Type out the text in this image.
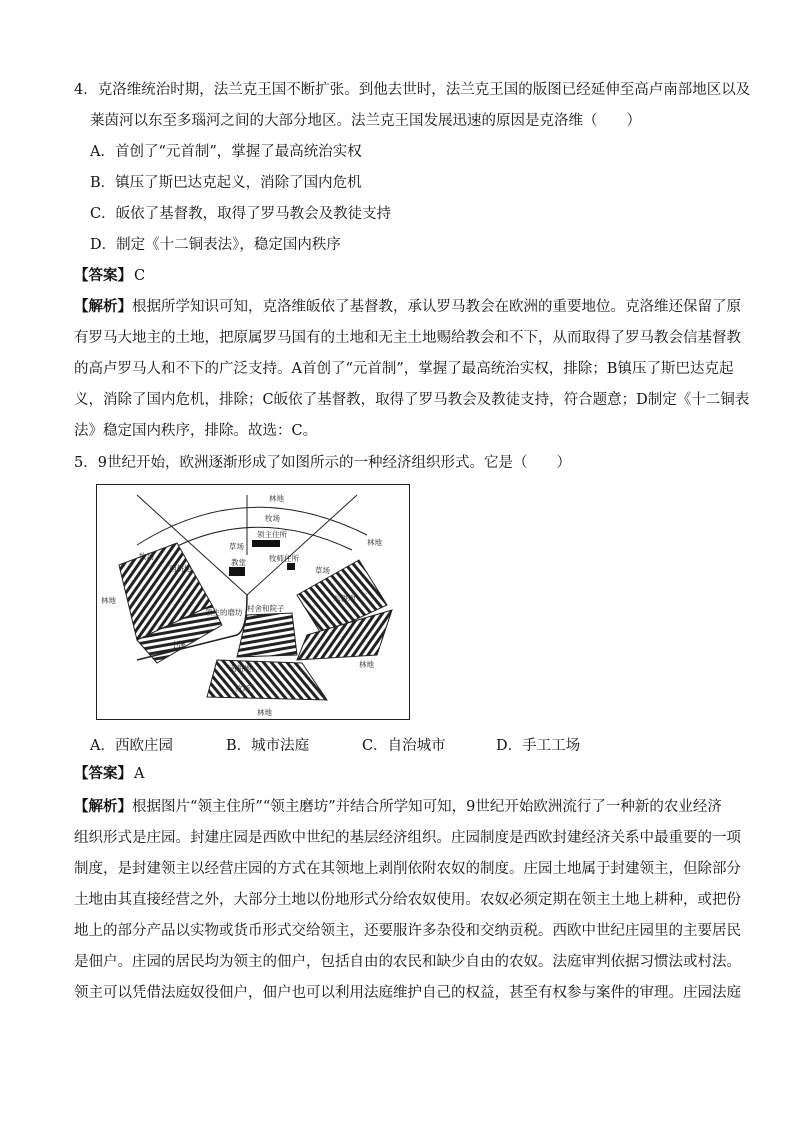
4．克洛维统治时期，法兰克王国不断扩张。到他去世时，法兰克王国的版图已经延伸至高卢南部地区以及
莱茵河以东至多瑙河之间的大部分地区。法兰克王国发展迅速的原因是克洛维（　　）
A．首创了“元首制”，掌握了最高统治实权
B．镇压了斯巴达克起义，消除了国内危机
C．皈依了基督教，取得了罗马教会及教徒支持
D．制定《十二铜表法》，稳定国内秩序
【答案】 C
【解析】根据所学知识可知，克洛维皈依了基督教，承认罗马教会在欧洲的重要地位。克洛维还保留了原
有罗马大地主的土地，把原属罗马国有的土地和无主土地赐给教会和不下，从而取得了罗马教会信基督教
的高卢罗马人和不下的广泛支持。A首创了“元首制”，掌握了最高统治实权，排除；B镇压了斯巴达克起
义，消除了国内危机，排除；C皈依了基督教，取得了罗马教会及教徒支持，符合题意；D制定《十二铜表
法》稳定国内秩序，排除。故选：C。
5．9世纪开始，欧洲逐渐形成了如图所示的一种经济组织形式。它是（　　）
林地
牧场
领主住所
牧师住所
教堂
草场
草场
牧场
西耕地
东耕地
领主的磨坊 村舍和院子
小溪
南耕地
林地
林地
林地
牧场
林地
A．西欧庄园	B．城市法庭	C．自治城市	D．手工工场
【答案】 A
【解析】根据图片“领主住所”“领主磨坊”并结合所学知可知，9世纪开始欧洲流行了一种新的农业经济
组织形式是庄园。封建庄园是西欧中世纪的基层经济组织。庄园制度是西欧封建经济关系中最重要的一项
制度，是封建领主以经营庄园的方式在其领地上剥削依附农奴的制度。庄园土地属于封建领主，但除部分
土地由其直接经营之外，大部分土地以份地形式分给农奴使用。农奴必须定期在领主土地上耕种，或把份
地上的部分产品以实物或货币形式交给领主，还要服许多杂役和交纳贡税。西欧中世纪庄园里的主要居民
是佃户。庄园的居民均为领主的佃户，包括自由的农民和缺少自由的农奴。法庭审判依据习惯法或村法。
领主可以凭借法庭奴役佃户，佃户也可以利用法庭维护自己的权益，甚至有权参与案件的审理。庄园法庭
